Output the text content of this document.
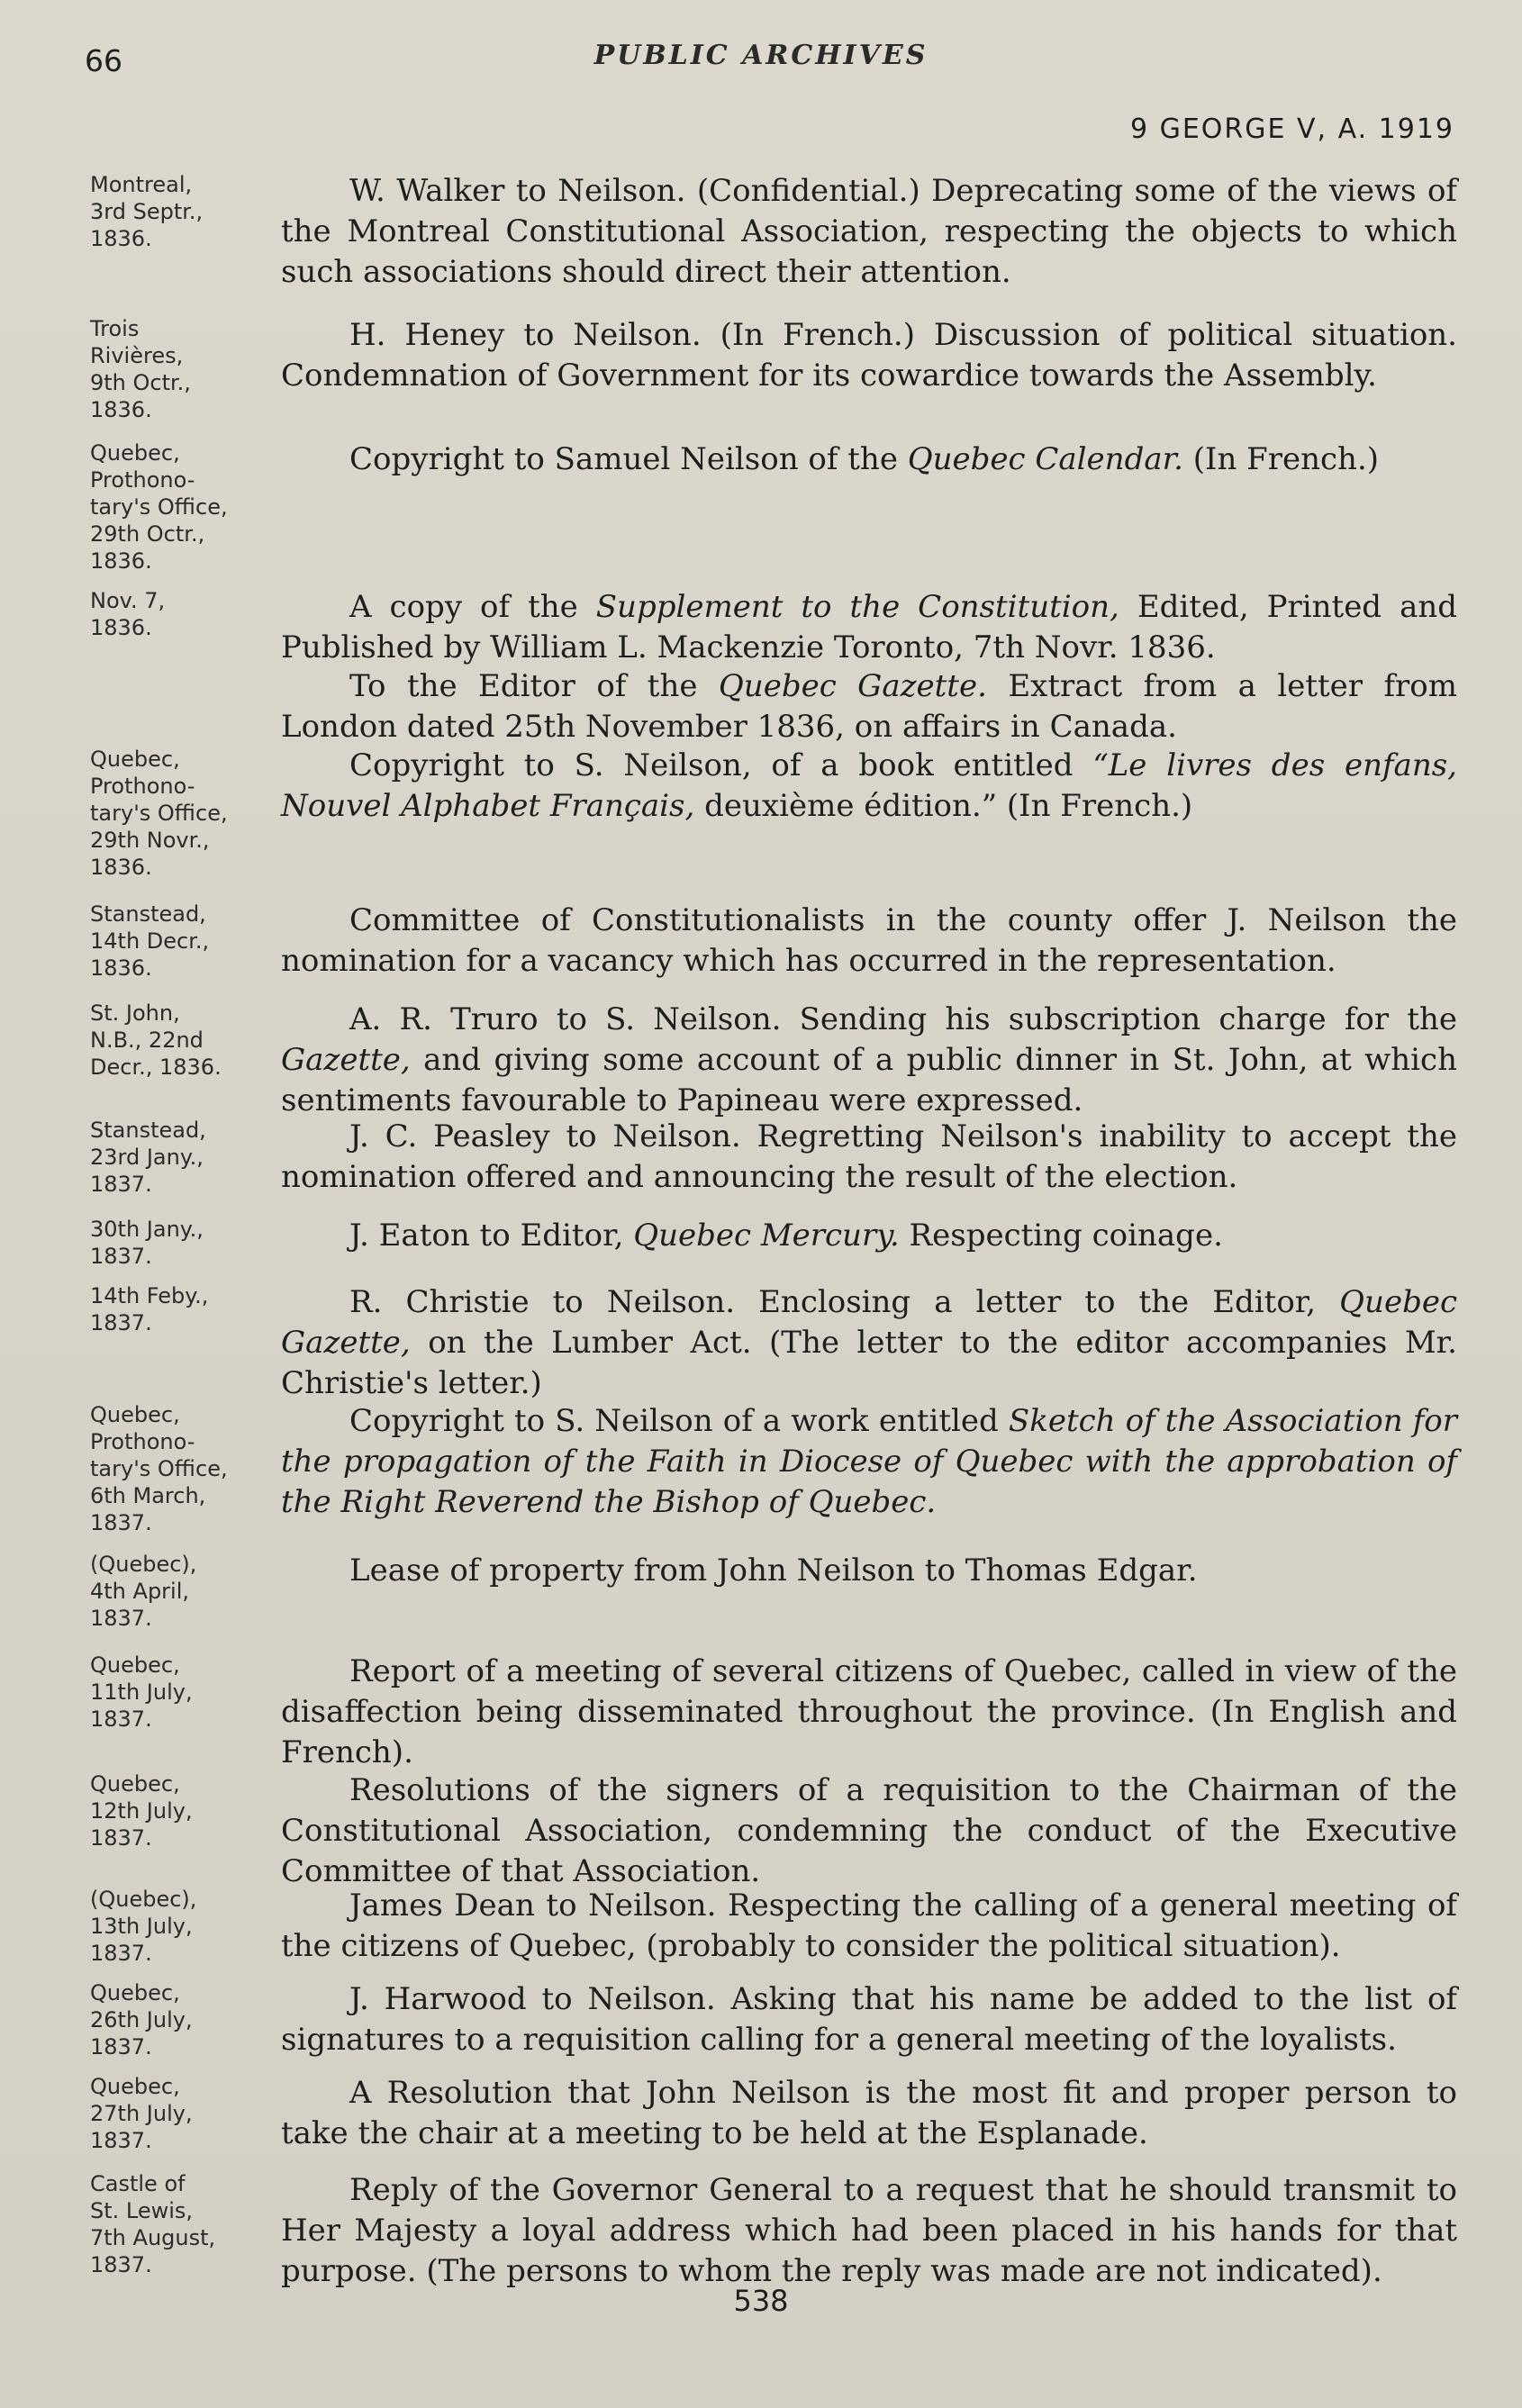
66	PUBLIC ARCHIVES
9 GEORGE V, A. 1919
Montreal,
3rd Septr.,
1836.

W. Walker to Neilson. (Confidential.) Deprecating some of the views of the Montreal Constitutional Association, respecting the objects to which such associations should direct their attention.

Trois
Rivières,
9th Octr.,
1836.

H. Heney to Neilson. (In French.) Discussion of political situation. Condemnation of Government for its cowardice towards the Assembly.

Quebec,
Prothono-
tary's Office,
29th Octr.,
1836.

Copyright to Samuel Neilson of the Quebec Calendar. (In French.)

Nov. 7,
1836.

A copy of the Supplement to the Constitution, Edited, Printed and Published by William L. Mackenzie Toronto, 7th Novr. 1836.

To the Editor of the Quebec Gazette. Extract from a letter from London dated 25th November 1836, on affairs in Canada.

Quebec,
Prothono-
tary's Office,
29th Novr.,
1836.

Copyright to S. Neilson, of a book entitled “Le livres des enfans, Nouvel Alphabet Français, deuxième édition.” (In French.)

Stanstead,
14th Decr.,
1836.

Committee of Constitutionalists in the county offer J. Neilson the nomination for a vacancy which has occurred in the representation.

St. John,
N.B., 22nd
Decr., 1836.

A. R. Truro to S. Neilson. Sending his subscription charge for the Gazette, and giving some account of a public dinner in St. John, at which sentiments favourable to Papineau were expressed.

Stanstead,
23rd Jany.,
1837.

J. C. Peasley to Neilson. Regretting Neilson's inability to accept the nomination offered and announcing the result of the election.

30th Jany.,
1837.

J. Eaton to Editor, Quebec Mercury. Respecting coinage.

14th Feby.,
1837.

R. Christie to Neilson. Enclosing a letter to the Editor, Quebec Gazette, on the Lumber Act. (The letter to the editor accompanies Mr. Christie's letter.)

Quebec,
Prothono-
tary's Office,
6th March,
1837.

Copyright to S. Neilson of a work entitled Sketch of the Association for the propagation of the Faith in Diocese of Quebec with the approbation of the Right Reverend the Bishop of Quebec.

(Quebec),
4th April,
1837.

Lease of property from John Neilson to Thomas Edgar.

Quebec,
11th July,
1837.

Report of a meeting of several citizens of Quebec, called in view of the disaffection being disseminated throughout the province. (In English and French).

Quebec,
12th July,
1837.

Resolutions of the signers of a requisition to the Chairman of the Constitutional Association, condemning the conduct of the Executive Committee of that Association.

(Quebec),
13th July,
1837.

James Dean to Neilson. Respecting the calling of a general meeting of the citizens of Quebec, (probably to consider the political situation).

Quebec,
26th July,
1837.

J. Harwood to Neilson. Asking that his name be added to the list of signatures to a requisition calling for a general meeting of the loyalists.

Quebec,
27th July,
1837.

A Resolution that John Neilson is the most fit and proper person to take the chair at a meeting to be held at the Esplanade.

Castle of
St. Lewis,
7th August,
1837.

Reply of the Governor General to a request that he should transmit to Her Majesty a loyal address which had been placed in his hands for that purpose. (The persons to whom the reply was made are not indicated).

538
